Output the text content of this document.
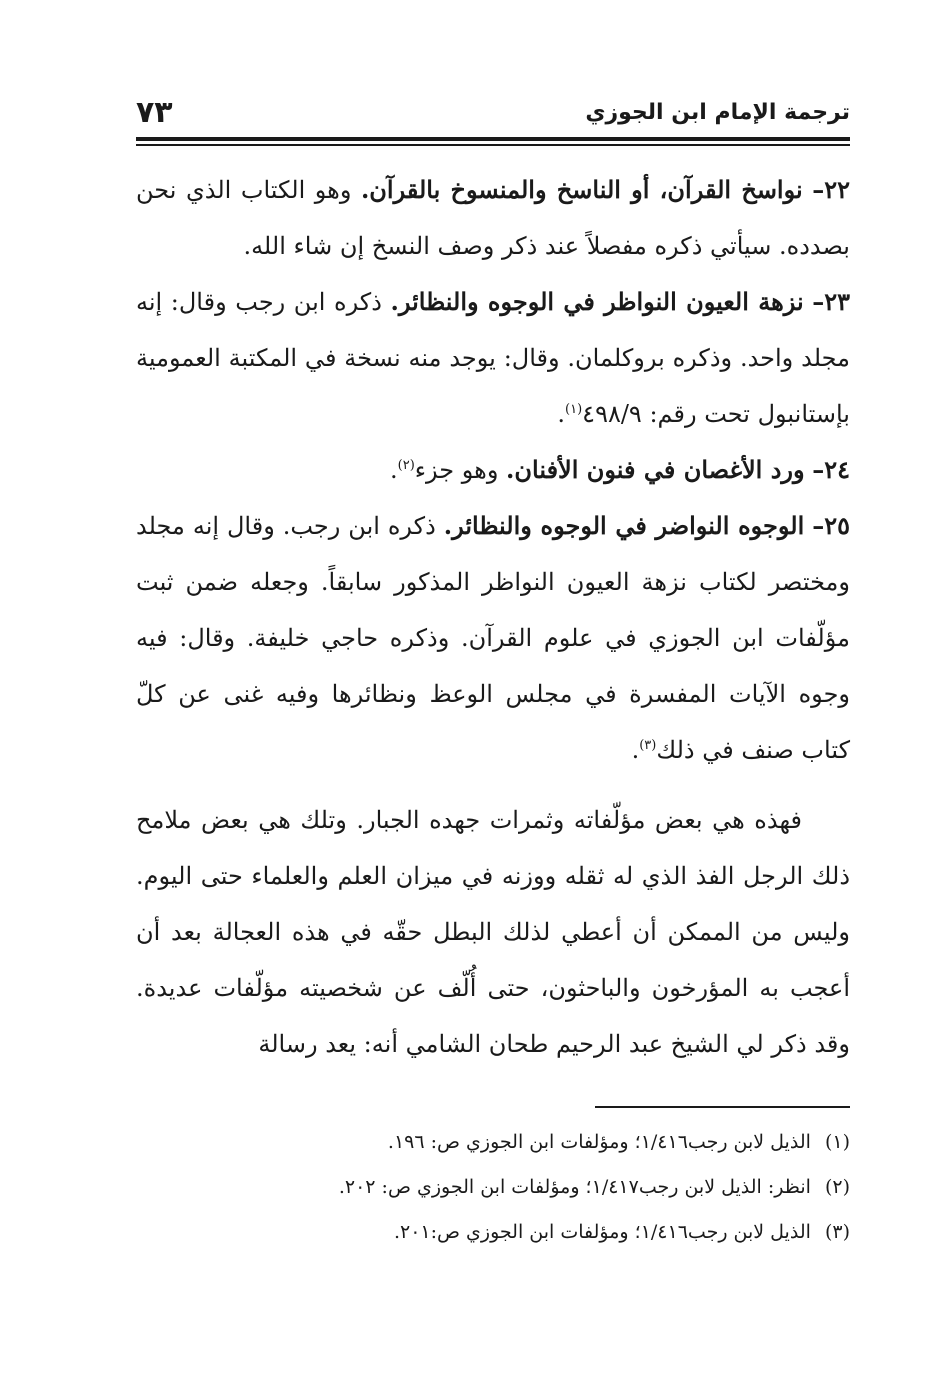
ترجمة الإمام ابن الجوزي
٧٣

٢٢– نواسخ القرآن، أو الناسخ والمنسوخ بالقرآن. وهو الكتاب الذي نحن بصدده. سيأتي ذكره مفصلاً عند ذكر وصف النسخ إن شاء الله.

٢٣– نزهة العيون النواظر في الوجوه والنظائر. ذكره ابن رجب وقال: إنه مجلد واحد. وذكره بروكلمان. وقال: يوجد منه نسخة في المكتبة العمومية بإستانبول تحت رقم: ٤٩٨/٩$^{(١)}$.

٢٤– ورد الأغصان في فنون الأفنان. وهو جزء$^{(٢)}$.

٢٥– الوجوه النواضر في الوجوه والنظائر. ذكره ابن رجب. وقال إنه مجلد ومختصر لكتاب نزهة العيون النواظر المذكور سابقاً. وجعله ضمن ثبت مؤلّفات ابن الجوزي في علوم القرآن. وذكره حاجي خليفة. وقال: فيه وجوه الآيات المفسرة في مجلس الوعظ ونظائرها وفيه غنى عن كلّ كتاب صنف في ذلك$^{(٣)}$.

فهذه هي بعض مؤلّفاته وثمرات جهده الجبار. وتلك هي بعض ملامح ذلك الرجل الفذ الذي له ثقله ووزنه في ميزان العلم والعلماء حتى اليوم. وليس من الممكن أن أعطي لذلك البطل حقّه في هذه العجالة بعد أن أعجب به المؤرخون والباحثون، حتى أُلّف عن شخصيته مؤلّفات عديدة. وقد ذكر لي الشيخ عبد الرحيم طحان الشامي أنه: يعد رسالة

(١) الذيل لابن رجب١/٤١٦؛ ومؤلفات ابن الجوزي ص: ١٩٦.

(٢) انظر: الذيل لابن رجب١/٤١٧؛ ومؤلفات ابن الجوزي ص: ٢٠٢.

(٣) الذيل لابن رجب١/٤١٦؛ ومؤلفات ابن الجوزي ص:٢٠١.
